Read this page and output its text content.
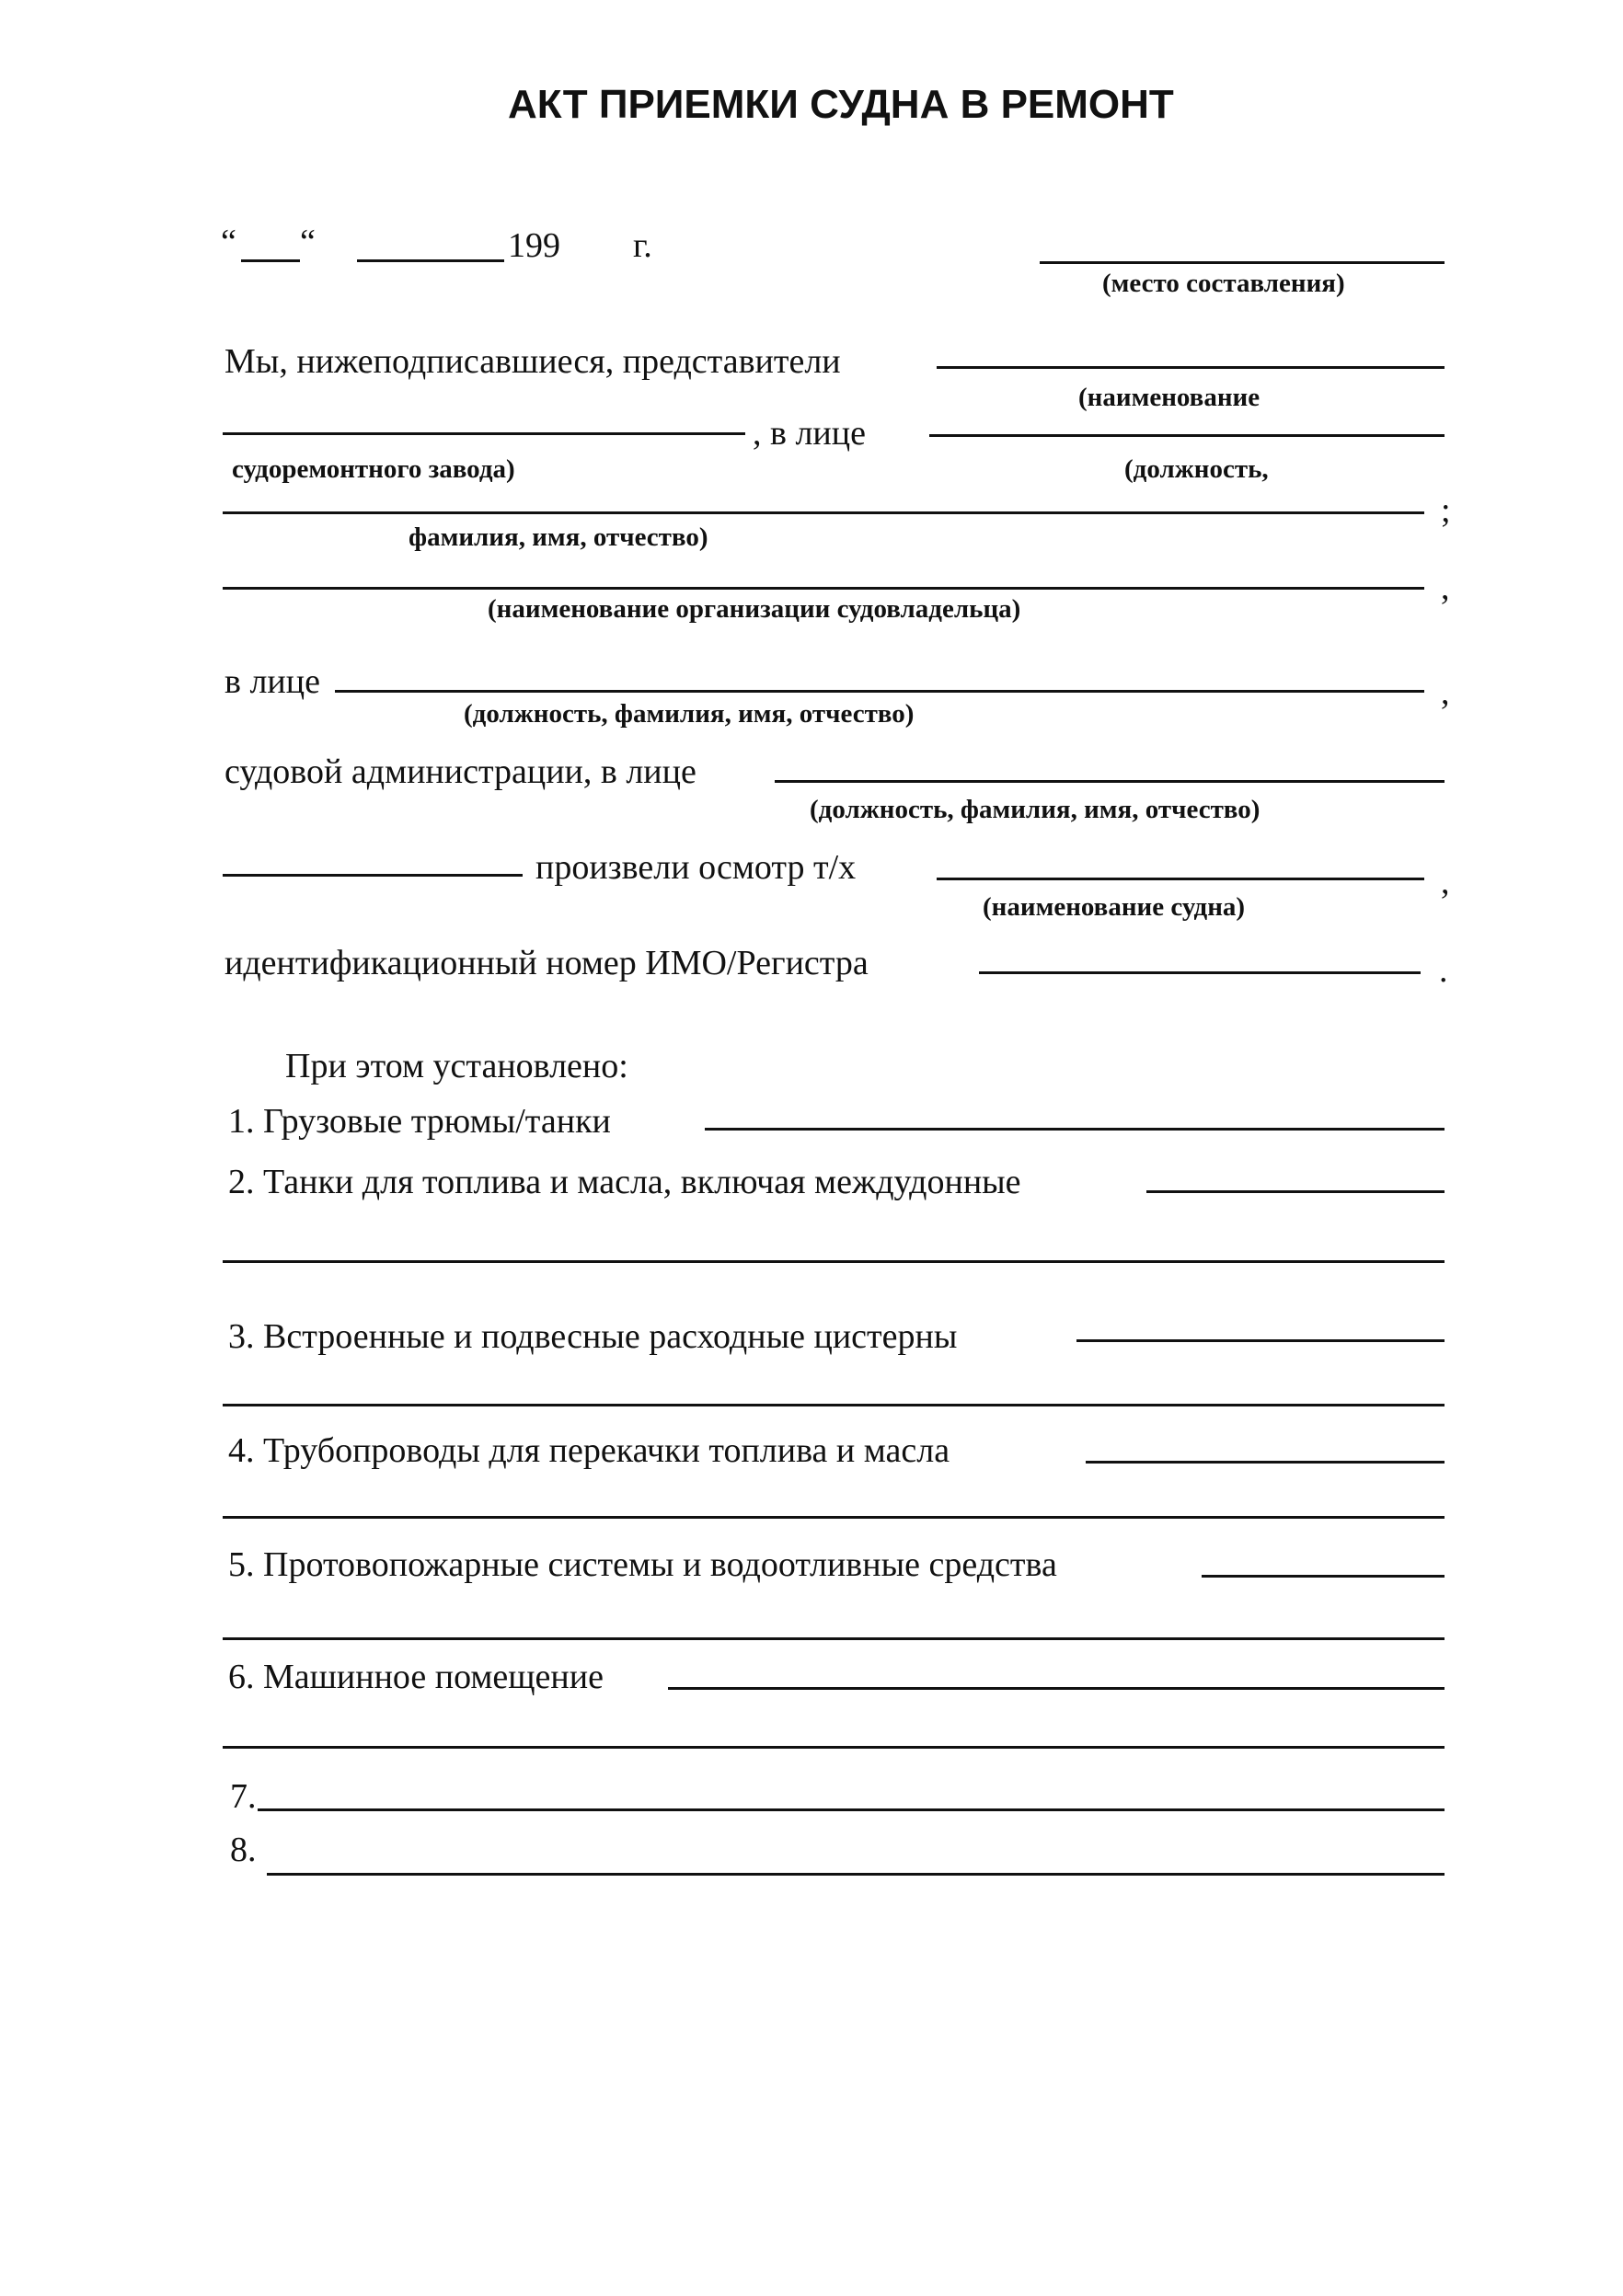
АКТ ПРИЕМКИ СУДНА В РЕМОНТ
“ “	199 г.
(место составления)
Мы, нижеподписавшиеся, представители
(наименование
, в лице
судоремонтного завода)	(должность,
;
фамилия, имя, отчество)
,
(наименование организации судовладельца)
в лице	,
(должность, фамилия, имя, отчество)
судовой администрации, в лице
(должность, фамилия, имя, отчество)
произвели осмотр т/х	,
(наименование судна)
идентификационный номер ИМО/Регистра	.
При этом установлено:
1. Грузовые трюмы/танки
2. Танки для топлива и масла, включая междудонные
3. Встроенные и подвесные расходные цистерны
4. Трубопроводы для перекачки топлива и масла
5. Протовопожарные системы и водоотливные средства
6. Машинное помещение
7.
8.
